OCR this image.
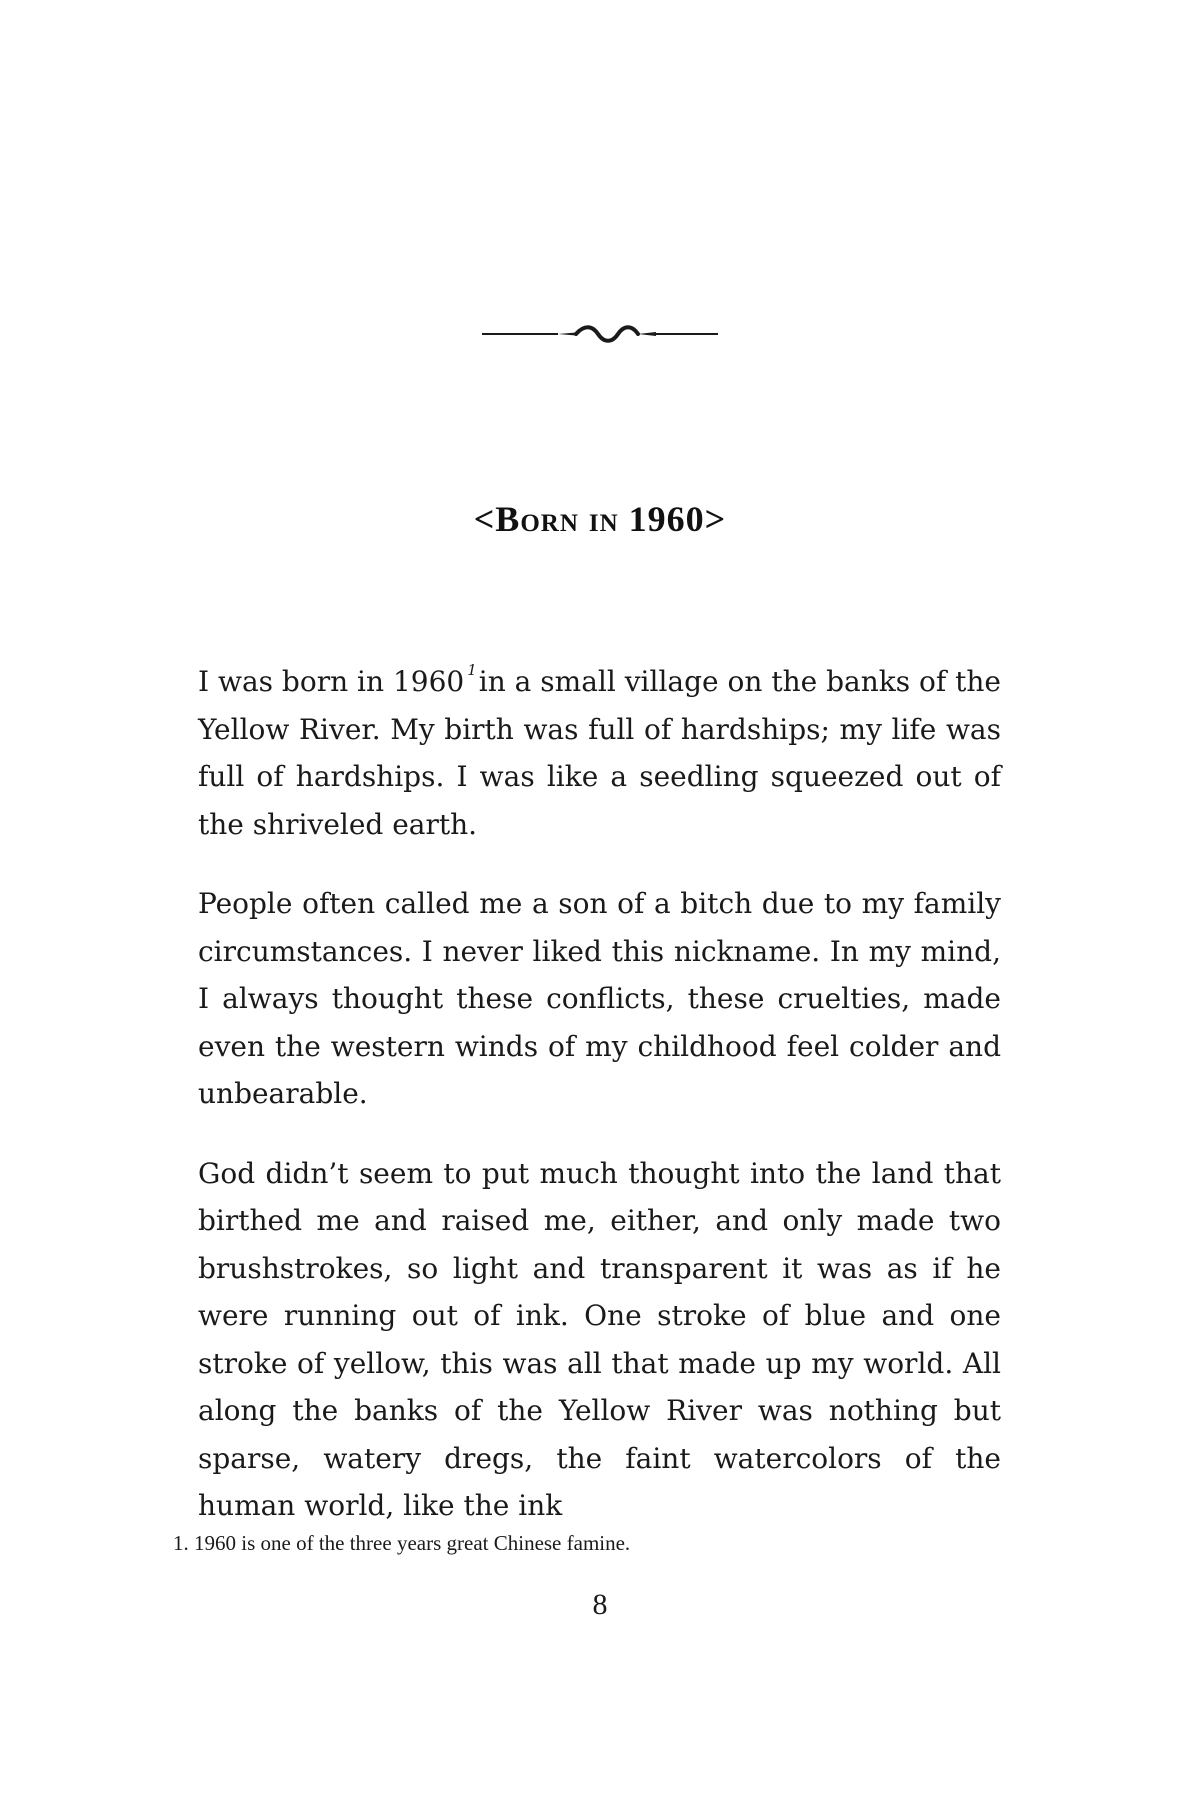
<Born in 1960>

I was born in 1960 $^1$in a small village on the banks of the Yellow River. My birth was full of hardships; my life was full of hardships. I was like a seedling squeezed out of the shriveled earth.

People often called me a son of a bitch due to my family circumstances. I never liked this nickname. In my mind, I always thought these conflicts, these cruelties, made even the western winds of my childhood feel colder and unbearable.

God didn’t seem to put much thought into the land that birthed me and raised me, either, and only made two brushstrokes, so light and transparent it was as if he were running out of ink. One stroke of blue and one stroke of yellow, this was all that made up my world. All along the banks of the Yellow River was nothing but sparse, watery dregs, the faint watercolors of the human world, like the ink

1. 1960 is one of the three years great Chinese famine.

8
